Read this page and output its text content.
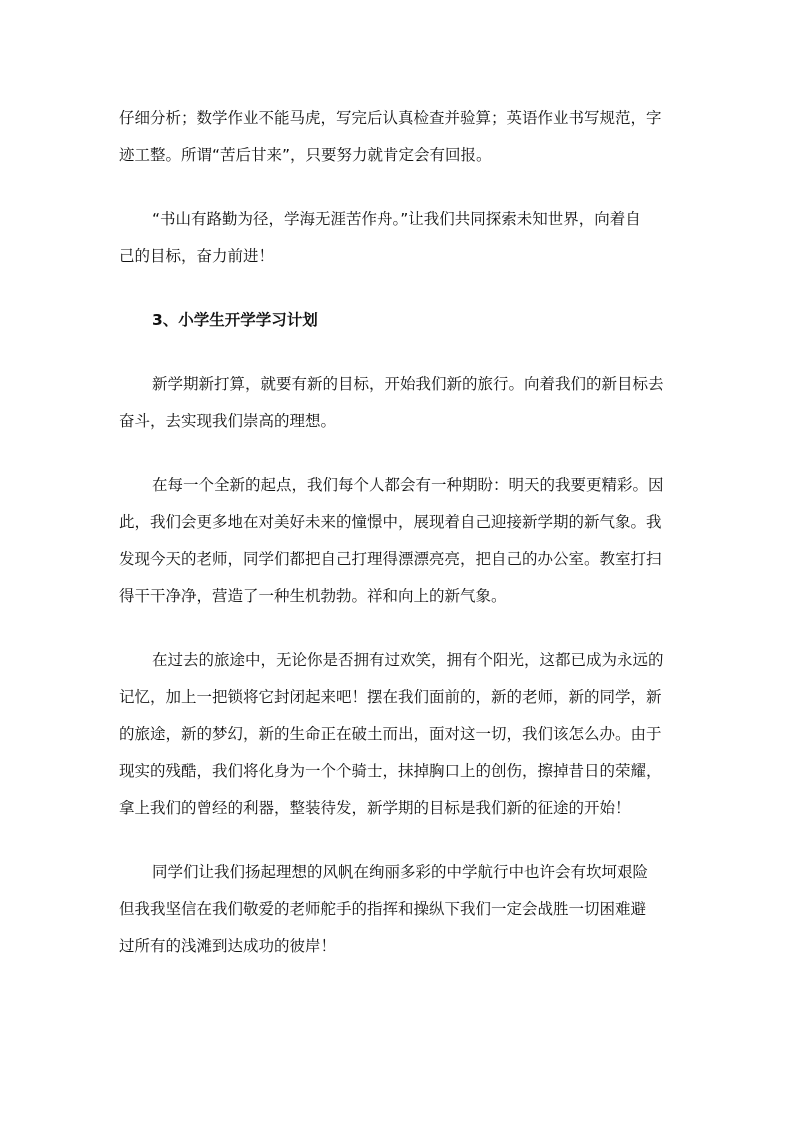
仔细分析；数学作业不能马虎，写完后认真检查并验算；英语作业书写规范，字
迹工整。所谓“苦后甘来”，只要努力就肯定会有回报。

“书山有路勤为径，学海无涯苦作舟。”让我们共同探索未知世界，向着自
己的目标，奋力前进！

3、小学生开学学习计划

新学期新打算，就要有新的目标，开始我们新的旅行。向着我们的新目标去
奋斗，去实现我们崇高的理想。

在每一个全新的起点，我们每个人都会有一种期盼：明天的我要更精彩。因
此，我们会更多地在对美好未来的憧憬中，展现着自己迎接新学期的新气象。我
发现今天的老师，同学们都把自己打理得漂漂亮亮，把自己的办公室。教室打扫
得干干净净，营造了一种生机勃勃。祥和向上的新气象。

在过去的旅途中，无论你是否拥有过欢笑，拥有个阳光，这都已成为永远的
记忆，加上一把锁将它封闭起来吧！摆在我们面前的，新的老师，新的同学，新
的旅途，新的梦幻，新的生命正在破土而出，面对这一切，我们该怎么办。由于
现实的残酷，我们将化身为一个个骑士，抹掉胸口上的创伤，擦掉昔日的荣耀，
拿上我们的曾经的利器，整装待发，新学期的目标是我们新的征途的开始！

同学们让我们扬起理想的风帆在绚丽多彩的中学航行中也许会有坎坷艰险
但我我坚信在我们敬爱的老师舵手的指挥和操纵下我们一定会战胜一切困难避
过所有的浅滩到达成功的彼岸！
